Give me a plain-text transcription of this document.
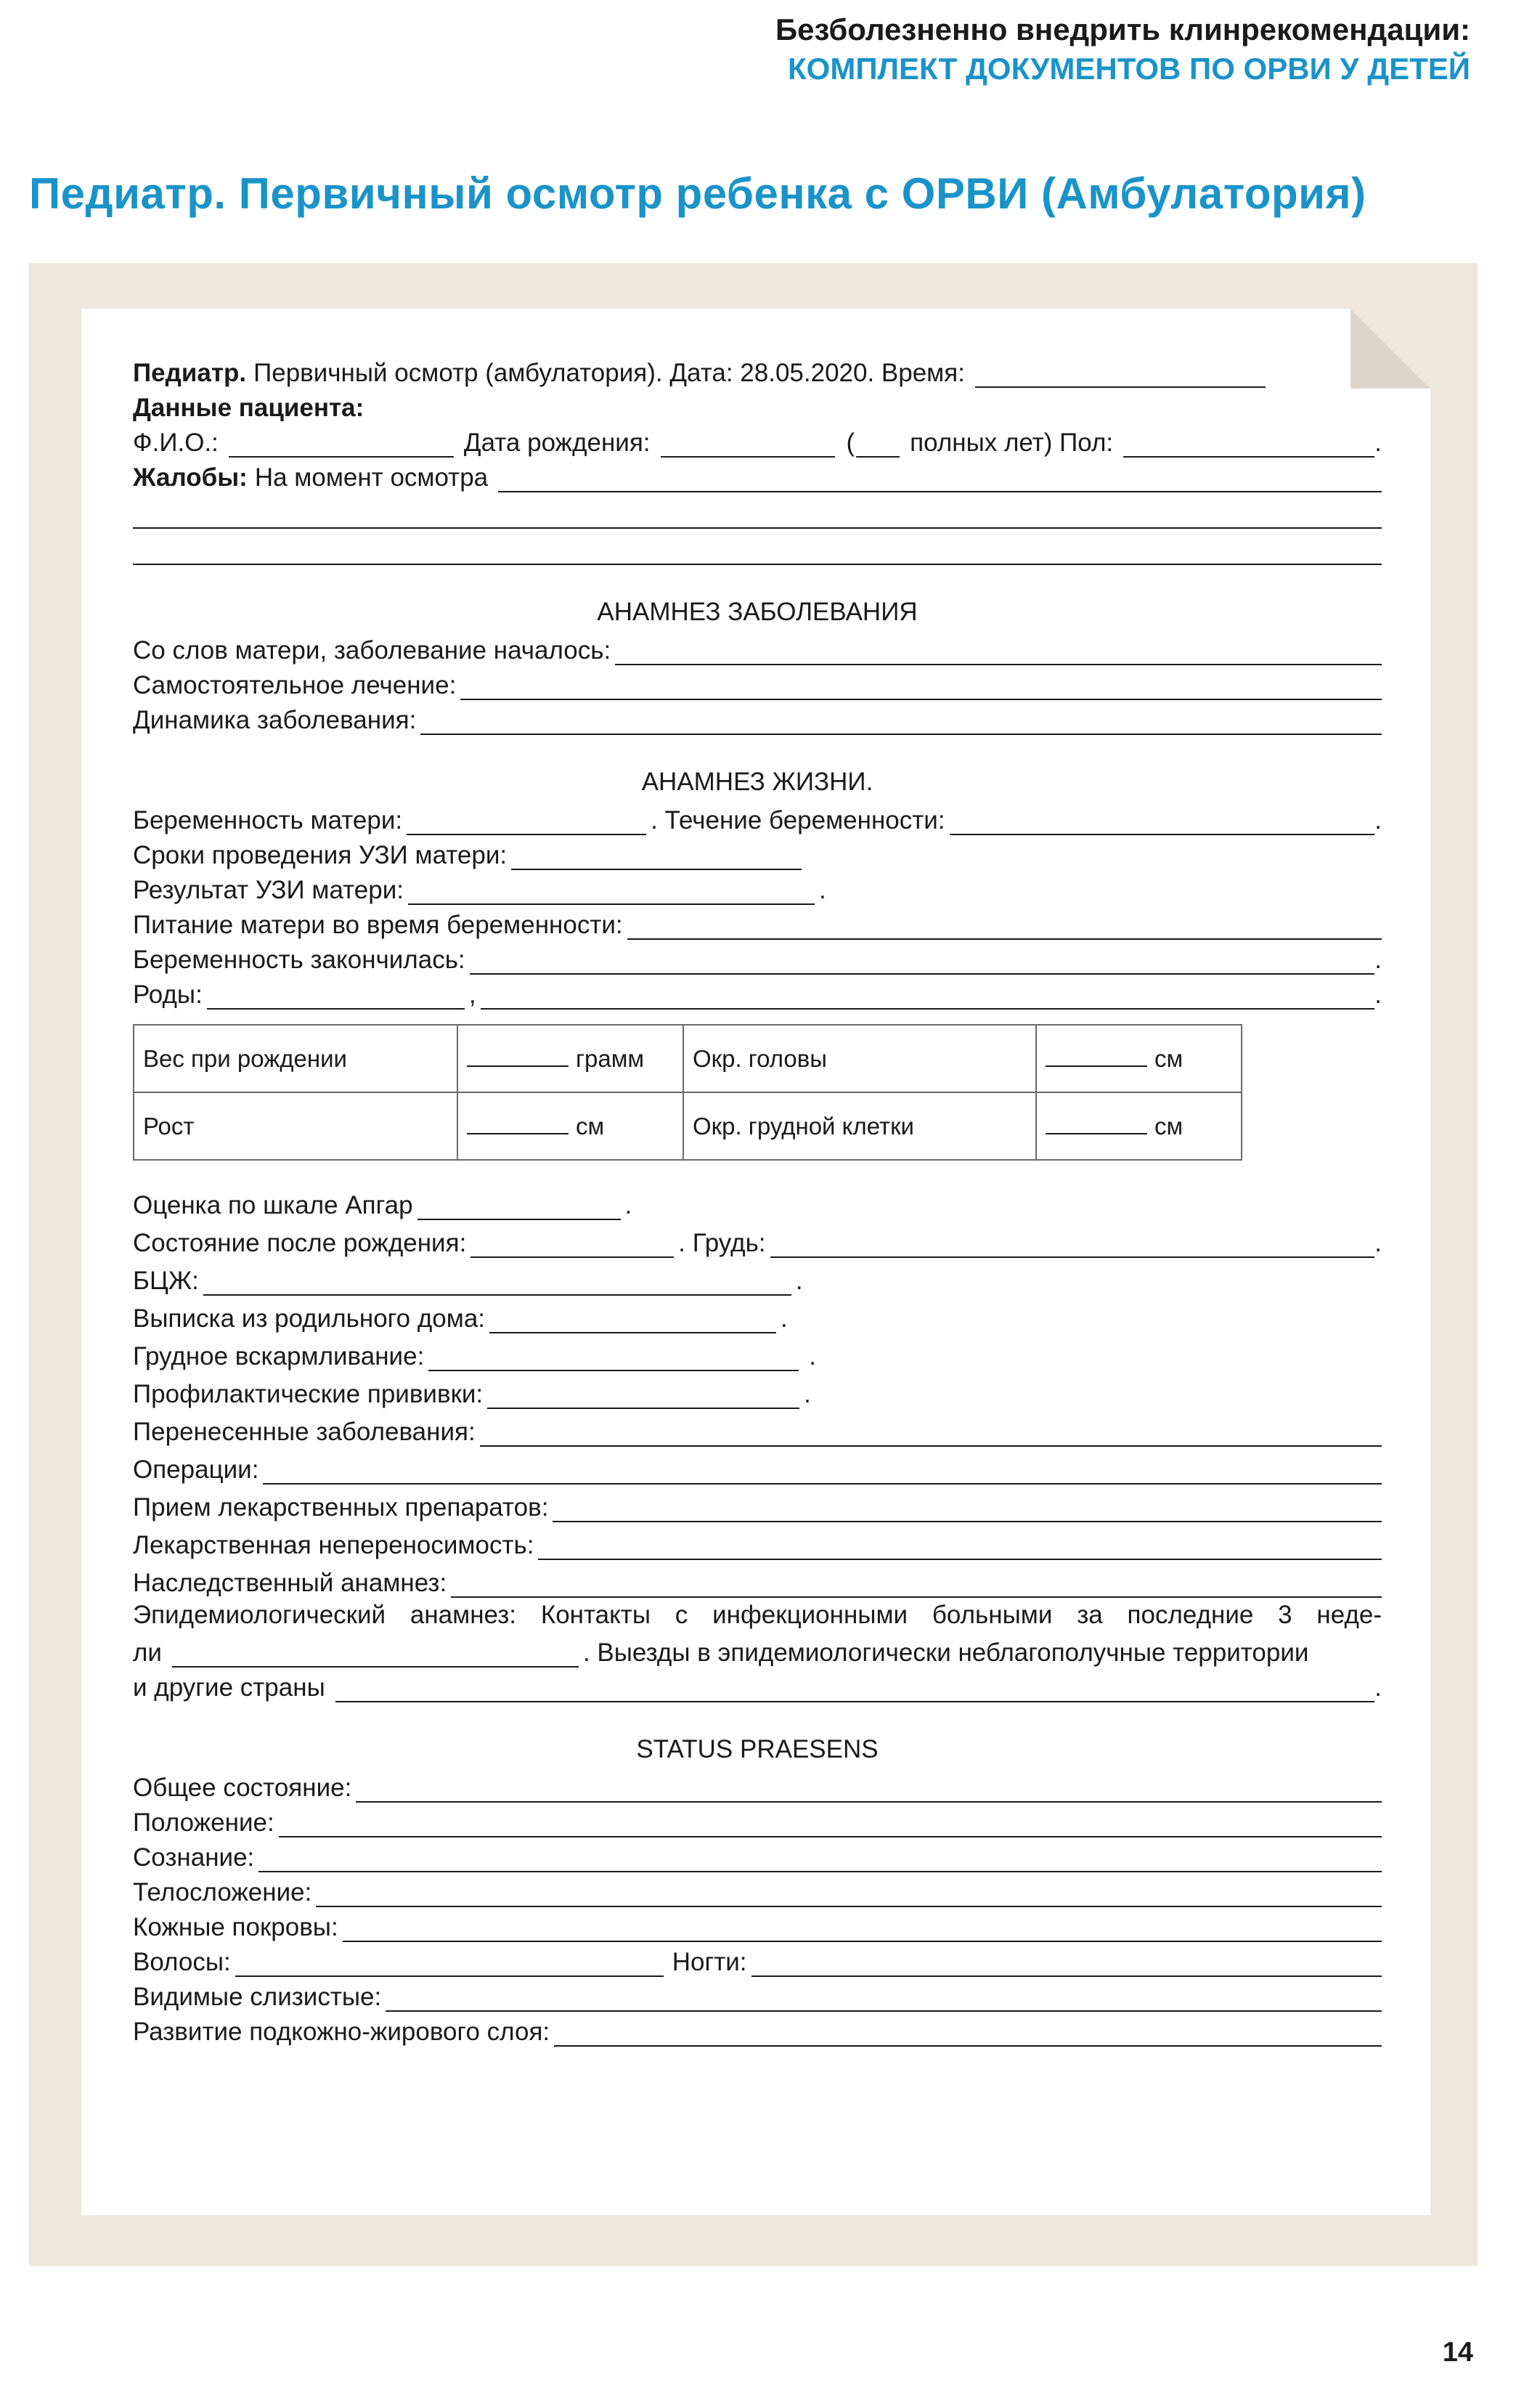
Безболезненно внедрить клинрекомендации:
КОМПЛЕКТ ДОКУМЕНТОВ ПО ОРВИ У ДЕТЕЙ
Педиатр. Первичный осмотр ребенка с ОРВИ (Амбулатория)
Педиатр. Первичный осмотр (амбулатория). Дата: 28.05.2020. Время:
Данные пациента:
Ф.И.О.:	Дата рождения:	( полных лет) Пол:	.
Жалобы: На момент осмотра
АНАМНЕЗ ЗАБОЛЕВАНИЯ
Со слов матери, заболевание началось:
Самостоятельное лечение:
Динамика заболевания:
АНАМНЕЗ ЖИЗНИ.
Беременность матери:	. Течение беременности:	.
Сроки проведения УЗИ матери:
Результат УЗИ матери:	.
Питание матери во время беременности:
Беременность закончилась:	.
Роды:	,	.
Вес при рождении	грамм	Окр. головы	см
Рост	см	Окр. грудной клетки	см
Оценка по шкале Апгар	.
Состояние после рождения:	. Грудь:	.
БЦЖ:	.
Выписка из родильного дома:	.
Грудное вскармливание:	.
Профилактические прививки:	.
Перенесенные заболевания:
Операции:
Прием лекарственных препаратов:
Лекарственная непереносимость:
Наследственный анамнез:
Эпидемиологический анамнез: Контакты с инфекционными больными за последние 3 неде-
ли	. Выезды в эпидемиологически неблагополучные территории
и другие страны	.
STATUS PRAESENS
Общее состояние:
Положение:
Сознание:
Телосложение:
Кожные покровы:
Волосы:	Ногти:
Видимые слизистые:
Развитие подкожно-жирового слоя:
14
